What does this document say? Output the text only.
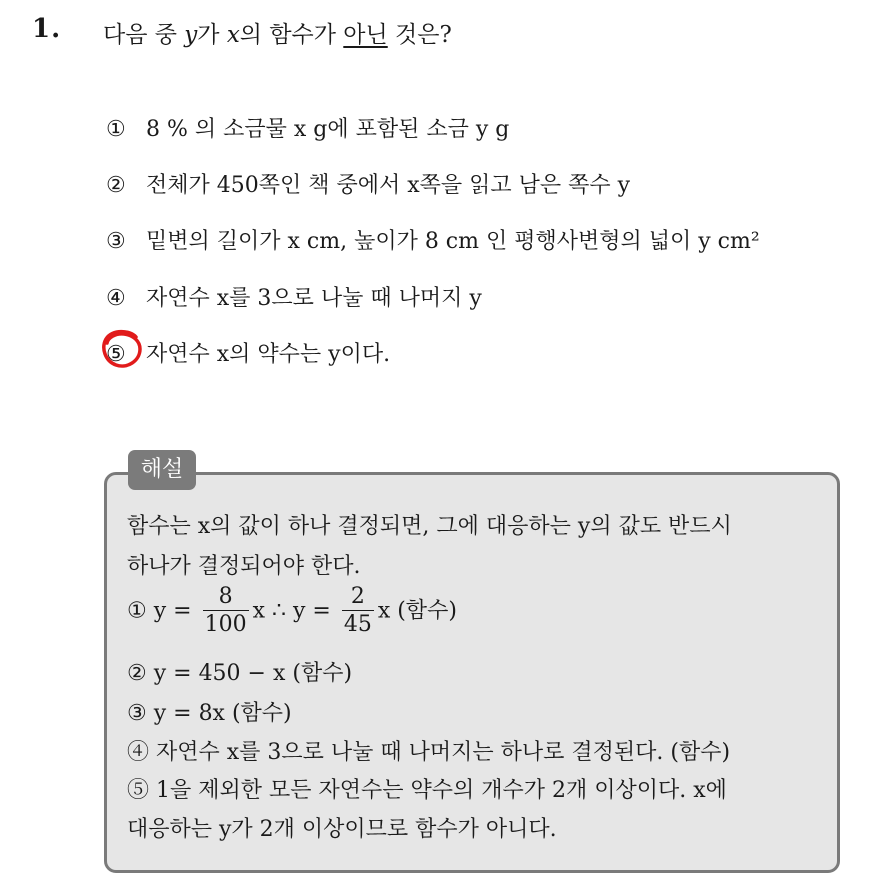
1. 다음 중 y가 x의 함수가 아닌 것은?
① 8 % 의 소금물 x g에 포함된 소금 y g
② 전체가 450쪽인 책 중에서 x쪽을 읽고 남은 쪽수 y
③ 밑변의 길이가 x cm, 높이가 8 cm 인 평행사변형의 넓이 y cm²
④ 자연수 x를 3으로 나눌 때 나머지 y
⑤ 자연수 x의 약수는 y이다.
해설
함수는 x의 값이 하나 결정되면, 그에 대응하는 y의 값도 반드시
하나가 결정되어야 한다.
① $y = \frac{8}{100}$ x ∴ $y = \frac{2}{45}$ x (함수)
② y = 450 − x (함수)
③ y = 8x (함수)
④ 자연수 x를 3으로 나눌 때 나머지는 하나로 결정된다. (함수)
⑤ 1을 제외한 모든 자연수는 약수의 개수가 2개 이상이다. x에
대응하는 y가 2개 이상이므로 함수가 아니다.
